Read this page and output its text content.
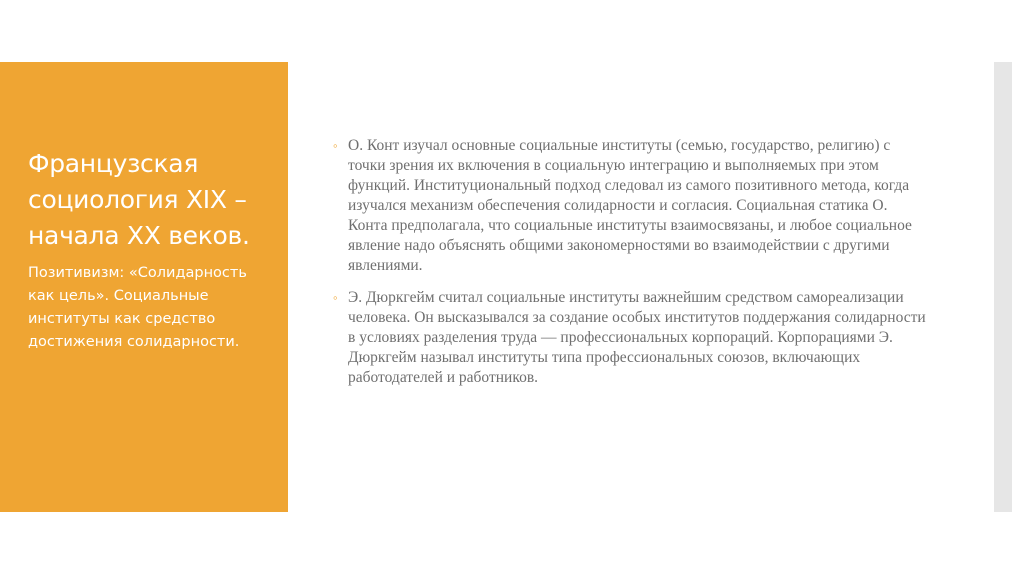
Французская социология XIX – начала XX веков.

Позитивизм: «Солидарность как цель». Социальные институты как средство достижения солидарности.

◦ О. Конт изучал основные социальные институты (семью, государство, религию) с точки зрения их включения в социальную интеграцию и выполняемых при этом функций. Институциональный подход следовал из самого позитивного метода, когда изучался механизм обеспечения солидарности и согласия. Социальная статика О. Конта предполагала, что социальные институты взаимосвязаны, и любое социальное явление надо объяснять общими закономерностями во взаимодействии с другими явлениями.
◦ Э. Дюркгейм считал социальные институты важнейшим средством самореализации человека. Он высказывался за создание особых институтов поддержания солидарности в условиях разделения труда — профессиональных корпораций. Корпорациями Э. Дюркгейм называл институты типа профессиональных союзов, включающих работодателей и работников.
